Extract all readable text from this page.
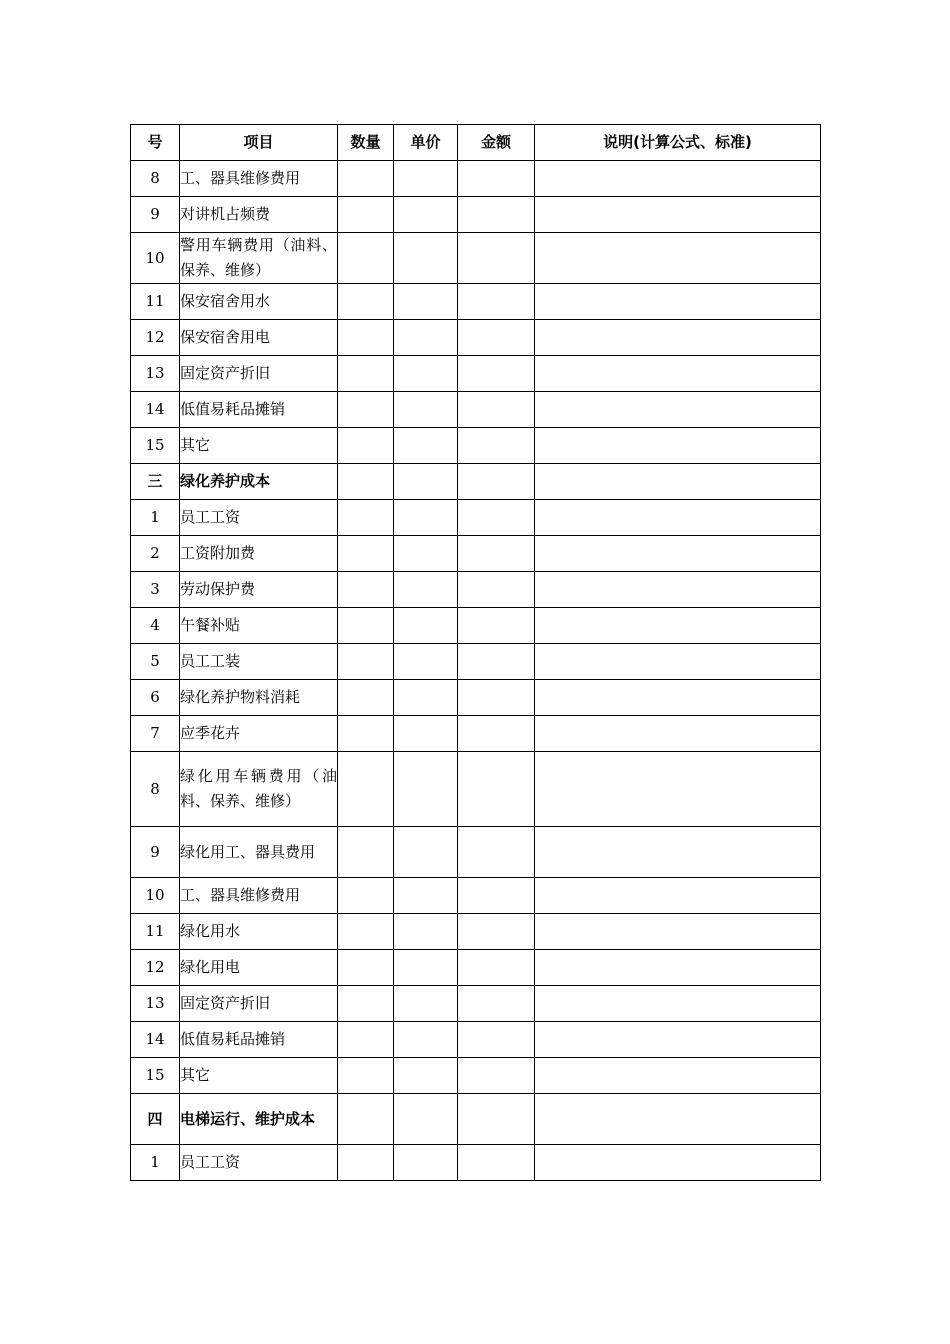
号	项目	数量	单价	金额	说明(计算公式、标准)
8	工、器具维修费用				
9	对讲机占频费				
10	警用车辆费用（油料、保养、维修）				
11	保安宿舍用水				
12	保安宿舍用电				
13	固定资产折旧				
14	低值易耗品摊销				
15	其它				
三	绿化养护成本				
1	员工工资				
2	工资附加费				
3	劳动保护费				
4	午餐补贴				
5	员工工装				
6	绿化养护物料消耗				
7	应季花卉				
8	绿化用车辆费用（油料、保养、维修）				
9	绿化用工、器具费用				
10	工、器具维修费用				
11	绿化用水				
12	绿化用电				
13	固定资产折旧				
14	低值易耗品摊销				
15	其它				
四	电梯运行、维护成本				
1	员工工资				
